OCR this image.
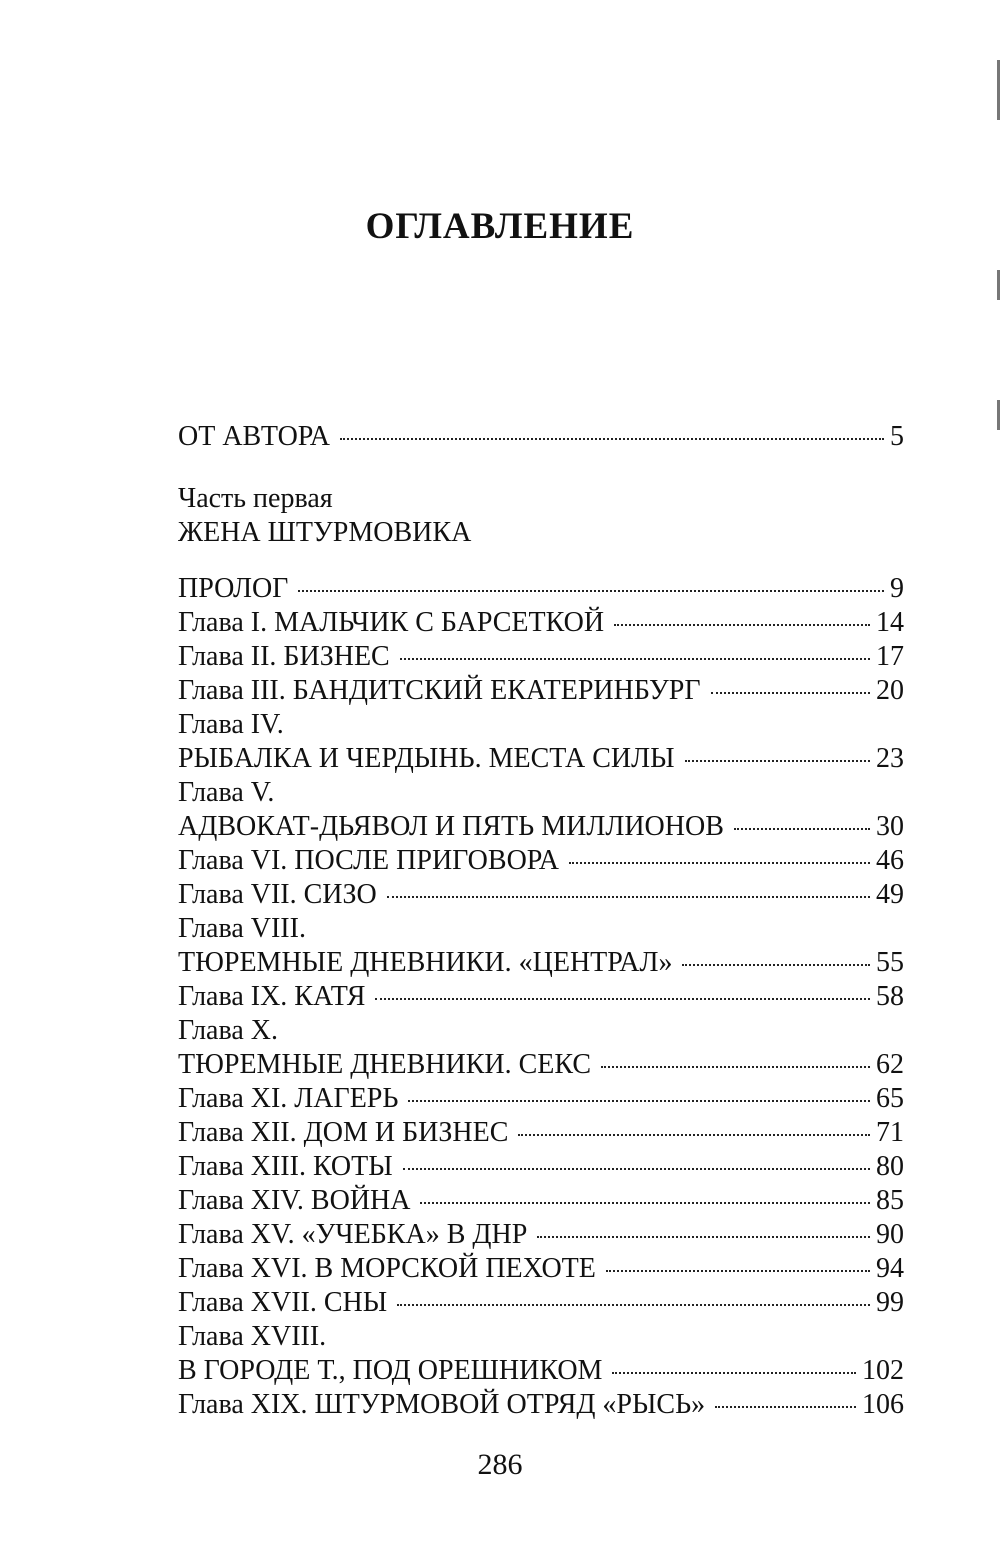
ОГЛАВЛЕНИЕ
ОТ АВТОРА	5
Часть первая
ЖЕНА ШТУРМОВИКА
ПРОЛОГ	9
Глава I. МАЛЬЧИК С БАРСЕТКОЙ	14
Глава II. БИЗНЕС	17
Глава III. БАНДИТСКИЙ ЕКАТЕРИНБУРГ	20
Глава IV.
РЫБАЛКА И ЧЕРДЫНЬ. МЕСТА СИЛЫ	23
Глава V.
АДВОКАТ-ДЬЯВОЛ И ПЯТЬ МИЛЛИОНОВ	30
Глава VI. ПОСЛЕ ПРИГОВОРА	46
Глава VII. СИЗО	49
Глава VIII.
ТЮРЕМНЫЕ ДНЕВНИКИ. «ЦЕНТРАЛ»	55
Глава IX. КАТЯ	58
Глава X.
ТЮРЕМНЫЕ ДНЕВНИКИ. СЕКС	62
Глава XI. ЛАГЕРЬ	65
Глава XII. ДОМ И БИЗНЕС	71
Глава XIII. КОТЫ	80
Глава XIV. ВОЙНА	85
Глава XV. «УЧЕБКА» В ДНР	90
Глава XVI. В МОРСКОЙ ПЕХОТЕ	94
Глава XVII. СНЫ	99
Глава XVIII.
В ГОРОДЕ Т., ПОД ОРЕШНИКОМ	102
Глава XIX. ШТУРМОВОЙ ОТРЯД «РЫСЬ»	106
286
